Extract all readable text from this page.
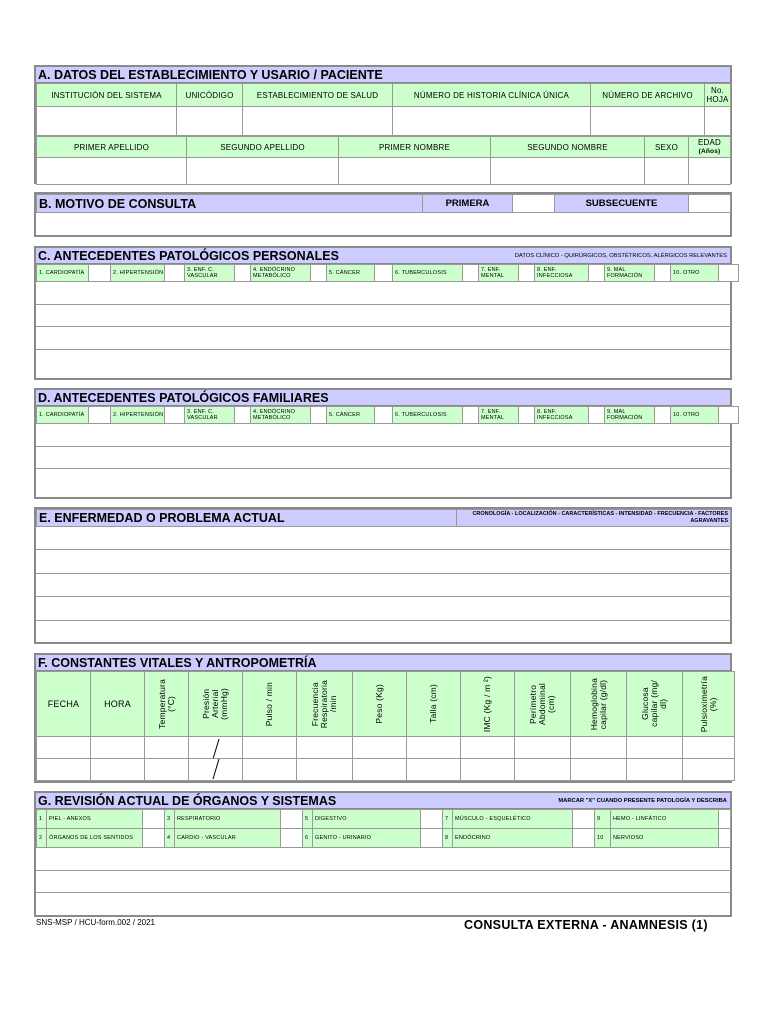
A. DATOS DEL ESTABLECIMIENTO Y USARIO / PACIENTE
INSTITUCIÓN DEL SISTEMA	UNICÓDIGO	ESTABLECIMIENTO DE SALUD	NÚMERO DE HISTORIA CLÍNICA ÚNICA	NÚMERO DE ARCHIVO	No.
HOJA

PRIMER APELLIDO	SEGUNDO APELLIDO	PRIMER NOMBRE	SEGUNDO NOMBRE	SEXO	EDAD
(Años)

B. MOTIVO DE CONSULTA	PRIMERA		SUBSECUENTE	
C. ANTECEDENTES PATOLÓGICOS PERSONALES	DATOS CLÍNICO - QUIRÚRGICOS, OBSTÉTRICOS, ALÉRGICOS RELEVANTES
1. CARDIOPATÍA		2. HIPERTENSIÓN		3. ENF. C. VASCULAR		4. ENDÓCRINO METABÓLICO		5. CÁNCER		6. TUBERCULOSIS		7. ENF. MENTAL		8. ENF. INFECCIOSA		9. MAL FORMACIÓN		10. OTRO	
D. ANTECEDENTES PATOLÓGICOS FAMILIARES
1. CARDIOPATÍA		2. HIPERTENSIÓN		3. ENF. C. VASCULAR		4. ENDÓCRINO METABÓLICO		5. CÁNCER		6. TUBERCULOSIS		7. ENF. MENTAL		8. ENF. INFECCIOSA		9. MAL FORMACIÓN		10. OTRO	
E. ENFERMEDAD O PROBLEMA ACTUAL	CRONOLOGÍA - LOCALIZACIÓN - CARACTERÍSTICAS - INTENSIDAD - FRECUENCIA - FACTORES AGRAVANTES
F. CONSTANTES VITALES Y ANTROPOMETRÍA
FECHA	HORA	Temperatura
(°C)	Presión
Arterial
(mmHg)	Pulso / min	Frecuencia
Respiratoria
/min	Peso (Kg)	Talla (cm)	IMC (Kg / m ²)	Perímetro
Abdominal
(cm)	Hemoglobina
capilar (g/dl)	Glucosa
capilar (mg/
dl)	Pulsioximetría
(%)

G. REVISIÓN ACTUAL DE ÓRGANOS Y SISTEMAS	MARCAR "X" CUANDO PRESENTE PATOLOGÍA Y DESCRIBA
1	PIEL - ANEXOS		3	RESPIRATORIO		5	DIGESTIVO		7	MÚSCULO - ESQUELÉTICO		9	HEMO - LINFÁTICO	
2	ÓRGANOS DE LOS SENTIDOS		4	CARDIO - VASCULAR		6	GENITO - URINARIO		8	ENDÓCRINO		10	NERVIOSO	
SNS-MSP / HCU-form.002 / 2021	CONSULTA EXTERNA - ANAMNESIS (1)
